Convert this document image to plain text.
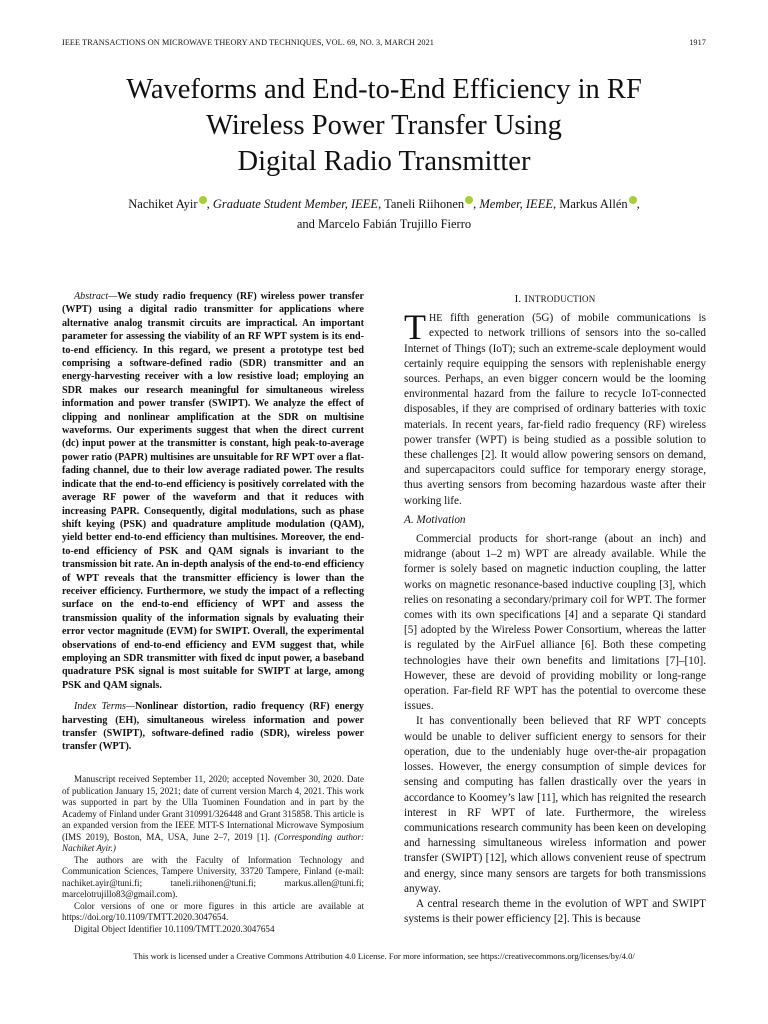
IEEE TRANSACTIONS ON MICROWAVE THEORY AND TECHNIQUES, VOL. 69, NO. 3, MARCH 2021	1917
Waveforms and End-to-End Efficiency in RF
Wireless Power Transfer Using
Digital Radio Transmitter
Nachiket Ayir , Graduate Student Member, IEEE, Taneli Riihonen , Member, IEEE, Markus Allén ,
and Marcelo Fabián Trujillo Fierro

Abstract—We study radio frequency (RF) wireless power transfer (WPT) using a digital radio transmitter for applications where alternative analog transmit circuits are impractical. An important parameter for assessing the viability of an RF WPT system is its end-to-end efficiency. In this regard, we present a prototype test bed comprising a software-defined radio (SDR) transmitter and an energy-harvesting receiver with a low resistive load; employing an SDR makes our research meaningful for simultaneous wireless information and power transfer (SWIPT). We analyze the effect of clipping and nonlinear amplification at the SDR on multisine waveforms. Our experiments suggest that when the direct current (dc) input power at the transmitter is constant, high peak-to-average power ratio (PAPR) multisines are unsuitable for RF WPT over a flat-fading channel, due to their low average radiated power. The results indicate that the end-to-end efficiency is positively correlated with the average RF power of the waveform and that it reduces with increasing PAPR. Consequently, digital modulations, such as phase shift keying (PSK) and quadrature amplitude modulation (QAM), yield better end-to-end efficiency than multisines. Moreover, the end-to-end efficiency of PSK and QAM signals is invariant to the transmission bit rate. An in-depth analysis of the end-to-end efficiency of WPT reveals that the transmitter efficiency is lower than the receiver efficiency. Furthermore, we study the impact of a reflecting surface on the end-to-end efficiency of WPT and assess the transmission quality of the information signals by evaluating their error vector magnitude (EVM) for SWIPT. Overall, the experimental observations of end-to-end efficiency and EVM suggest that, while employing an SDR transmitter with fixed dc input power, a baseband quadrature PSK signal is most suitable for SWIPT at large, among PSK and QAM signals.

Index Terms—Nonlinear distortion, radio frequency (RF) energy harvesting (EH), simultaneous wireless information and power transfer (SWIPT), software-defined radio (SDR), wireless power transfer (WPT).

Manuscript received September 11, 2020; accepted November 30, 2020. Date of publication January 15, 2021; date of current version March 4, 2021. This work was supported in part by the Ulla Tuominen Foundation and in part by the Academy of Finland under Grant 310991/326448 and Grant 315858. This article is an expanded version from the IEEE MTT-S International Microwave Symposium (IMS 2019), Boston, MA, USA, June 2–7, 2019 [1]. (Corresponding author: Nachiket Ayir.)

The authors are with the Faculty of Information Technology and Communication Sciences, Tampere University, 33720 Tampere, Finland (e-mail: nachiket.ayir@tuni.fi; taneli.riihonen@tuni.fi; markus.allen@tuni.fi; marcelotrujillo83@gmail.com).

Color versions of one or more figures in this article are available at https://doi.org/10.1109/TMTT.2020.3047654.

Digital Object Identifier 10.1109/TMTT.2020.3047654

I. INTRODUCTION

THE fifth generation (5G) of mobile communications is expected to network trillions of sensors into the so-called Internet of Things (IoT); such an extreme-scale deployment would certainly require equipping the sensors with replenishable energy sources. Perhaps, an even bigger concern would be the looming environmental hazard from the failure to recycle IoT-connected disposables, if they are comprised of ordinary batteries with toxic materials. In recent years, far-field radio frequency (RF) wireless power transfer (WPT) is being studied as a possible solution to these challenges [2]. It would allow powering sensors on demand, and supercapacitors could suffice for temporary energy storage, thus averting sensors from becoming hazardous waste after their working life.

A. Motivation

Commercial products for short-range (about an inch) and midrange (about 1–2 m) WPT are already available. While the former is solely based on magnetic induction coupling, the latter works on magnetic resonance-based inductive coupling [3], which relies on resonating a secondary/primary coil for WPT. The former comes with its own specifications [4] and a separate Qi standard [5] adopted by the Wireless Power Consortium, whereas the latter is regulated by the AirFuel alliance [6]. Both these competing technologies have their own benefits and limitations [7]–[10]. However, these are devoid of providing mobility or long-range operation. Far-field RF WPT has the potential to overcome these issues.

It has conventionally been believed that RF WPT concepts would be unable to deliver sufficient energy to sensors for their operation, due to the undeniably huge over-the-air propagation losses. However, the energy consumption of simple devices for sensing and computing has fallen drastically over the years in accordance to Koomey’s law [11], which has reignited the research interest in RF WPT of late. Furthermore, the wireless communications research community has been keen on developing and harnessing simultaneous wireless information and power transfer (SWIPT) [12], which allows convenient reuse of spectrum and energy, since many sensors are targets for both transmissions anyway.

A central research theme in the evolution of WPT and SWIPT systems is their power efficiency [2]. This is because

This work is licensed under a Creative Commons Attribution 4.0 License. For more information, see https://creativecommons.org/licenses/by/4.0/
